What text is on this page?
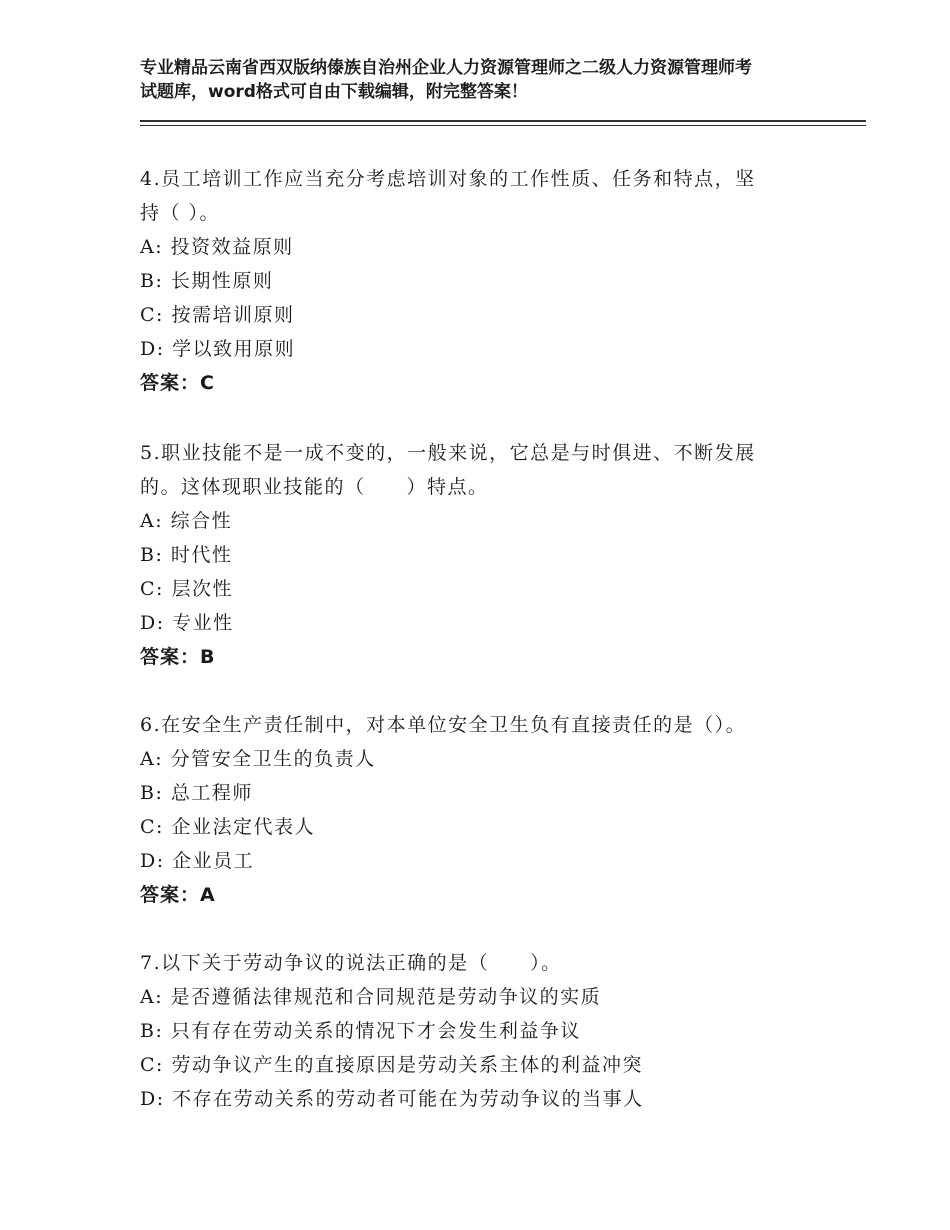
专业精品云南省西双版纳傣族自治州企业人力资源管理师之二级人力资源管理师考
试题库，word格式可自由下载编辑，附完整答案！
4.员工培训工作应当充分考虑培训对象的工作性质、任务和特点，坚
持（ ）。
A: 投资效益原则
B: 长期性原则
C: 按需培训原则
D: 学以致用原则
答案：C
5.职业技能不是一成不变的，一般来说，它总是与时俱进、不断发展
的。这体现职业技能的（　　）特点。
A: 综合性
B: 时代性
C: 层次性
D: 专业性
答案：B
6.在安全生产责任制中，对本单位安全卫生负有直接责任的是（）。
A: 分管安全卫生的负责人
B: 总工程师
C: 企业法定代表人
D: 企业员工
答案：A
7.以下关于劳动争议的说法正确的是（　　）。
A: 是否遵循法律规范和合同规范是劳动争议的实质
B: 只有存在劳动关系的情况下才会发生利益争议
C: 劳动争议产生的直接原因是劳动关系主体的利益冲突
D: 不存在劳动关系的劳动者可能在为劳动争议的当事人
